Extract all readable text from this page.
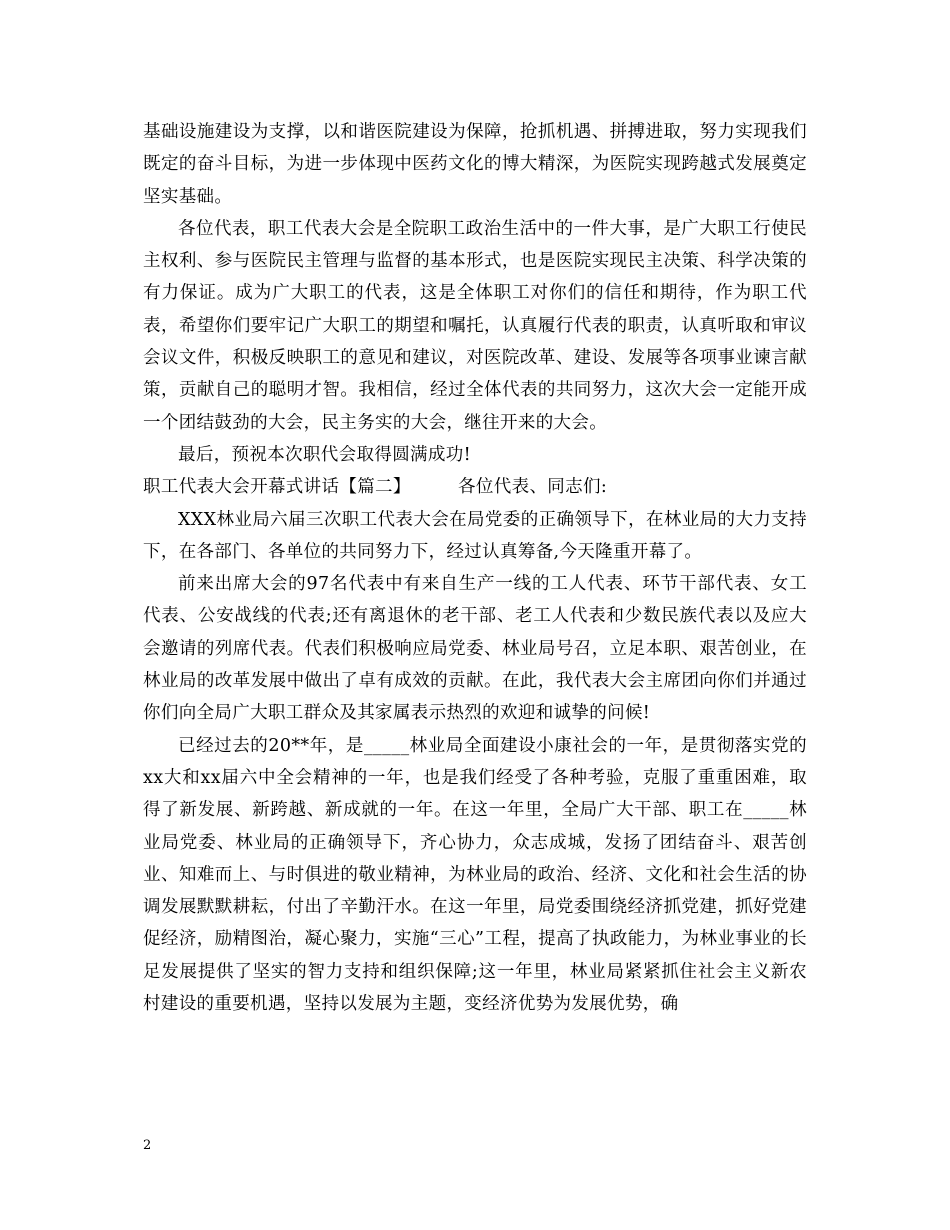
基础设施建设为支撑，以和谐医院建设为保障，抢抓机遇、拼搏进取，努力实现我们既定的奋斗目标，为进一步体现中医药文化的博大精深，为医院实现跨越式发展奠定坚实基础。

各位代表，职工代表大会是全院职工政治生活中的一件大事，是广大职工行使民主权利、参与医院民主管理与监督的基本形式，也是医院实现民主决策、科学决策的有力保证。成为广大职工的代表，这是全体职工对你们的信任和期待，作为职工代表，希望你们要牢记广大职工的期望和嘱托，认真履行代表的职责，认真听取和审议会议文件，积极反映职工的意见和建议，对医院改革、建设、发展等各项事业谏言献策，贡献自己的聪明才智。我相信，经过全体代表的共同努力，这次大会一定能开成一个团结鼓劲的大会，民主务实的大会，继往开来的大会。

最后，预祝本次职代会取得圆满成功!

职工代表大会开幕式讲话【篇二】        各位代表、同志们:

XXX林业局六届三次职工代表大会在局党委的正确领导下，在林业局的大力支持下，在各部门、各单位的共同努力下，经过认真筹备,今天隆重开幕了。

前来出席大会的97名代表中有来自生产一线的工人代表、环节干部代表、女工代表、公安战线的代表;还有离退休的老干部、老工人代表和少数民族代表以及应大会邀请的列席代表。代表们积极响应局党委、林业局号召，立足本职、艰苦创业，在林业局的改革发展中做出了卓有成效的贡献。在此，我代表大会主席团向你们并通过你们向全局广大职工群众及其家属表示热烈的欢迎和诚挚的问候!

已经过去的20**年，是_____林业局全面建设小康社会的一年，是贯彻落实党的xx大和xx届六中全会精神的一年，也是我们经受了各种考验，克服了重重困难，取得了新发展、新跨越、新成就的一年。在这一年里，全局广大干部、职工在_____林业局党委、林业局的正确领导下，齐心协力，众志成城，发扬了团结奋斗、艰苦创业、知难而上、与时俱进的敬业精神，为林业局的政治、经济、文化和社会生活的协调发展默默耕耘，付出了辛勤汗水。在这一年里，局党委围绕经济抓党建，抓好党建促经济，励精图治，凝心聚力，实施“三心”工程，提高了执政能力，为林业事业的长足发展提供了坚实的智力支持和组织保障;这一年里，林业局紧紧抓住社会主义新农村建设的重要机遇，坚持以发展为主题，变经济优势为发展优势，确

2
